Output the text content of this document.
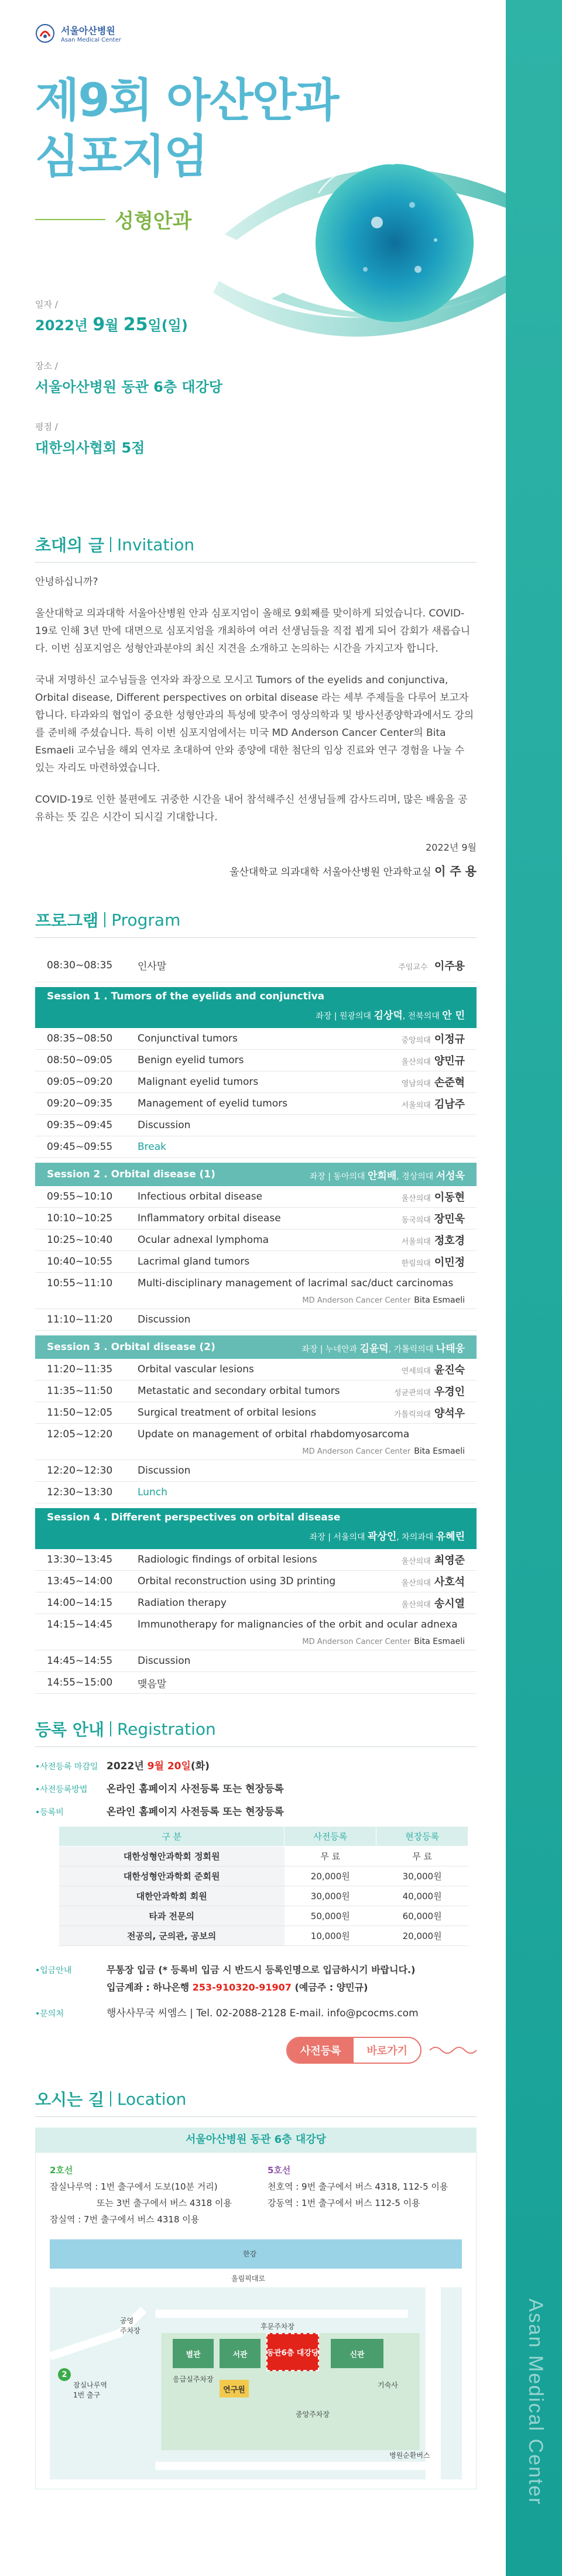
Asan Medical Center
서울아산병원
Asan Medical Center
제9회 아산안과
심포지엄
성형안과
일자 /
2022년 9월 25일(일)
장소 /
서울아산병원 동관 6층 대강당
평점 /
대한의사협회 5점
초대의 글 Invitation

안녕하십니까?

울산대학교 의과대학 서울아산병원 안과 심포지엄이 올해로 9회째를 맞이하게 되었습니다. COVID-19로 인해 3년 만에 대면으로 심포지엄을 개최하여 여러 선생님들을 직접 뵙게 되어 감회가 새롭습니다. 이번 심포지엄은 성형안과분야의 최신 지견을 소개하고 논의하는 시간을 가지고자 합니다.

국내 저명하신 교수님들을 연자와 좌장으로 모시고 Tumors of the eyelids and conjunctiva, Orbital disease, Different perspectives on orbital disease 라는 세부 주제들을 다루어 보고자 합니다. 타과와의 협업이 중요한 성형안과의 특성에 맞추어 영상의학과 및 방사선종양학과에서도 강의를 준비해 주셨습니다. 특히 이번 심포지엄에서는 미국 MD Anderson Cancer Center의 Bita Esmaeli 교수님을 해외 연자로 초대하여 안와 종양에 대한 첨단의 임상 진료와 연구 경험을 나눌 수 있는 자리도 마련하였습니다.

COVID-19로 인한 불편에도 귀중한 시간을 내어 참석해주신 선생님들께 감사드리며, 많은 배움을 공유하는 뜻 깊은 시간이 되시길 기대합니다.

2022년 9월
울산대학교 의과대학 서울아산병원 안과학교실 이 주 용
프로그램 Program
08:30~08:35	인사말	주임교수 이주용
Session 1 . Tumors of the eyelids and conjunctiva
좌장 | 원광의대 김상덕, 전북의대 안 민
08:35~08:50	Conjunctival tumors	중앙의대 이정규
08:50~09:05	Benign eyelid tumors	울산의대 양민규
09:05~09:20	Malignant eyelid tumors	영남의대 손준혁
09:20~09:35	Management of eyelid tumors	서울의대 김남주
09:35~09:45	Discussion
09:45~09:55	Break
Session 2 . Orbital disease (1)	좌장 | 동아의대 안희배, 경상의대 서성욱
09:55~10:10	Infectious orbital disease	울산의대 이동현
10:10~10:25	Inflammatory orbital disease	동국의대 장민욱
10:25~10:40	Ocular adnexal lymphoma	서울의대 정호경
10:40~10:55	Lacrimal gland tumors	한림의대 이민정
10:55~11:10	Multi-disciplinary management of lacrimal sac/duct carcinomas
MD Anderson Cancer Center Bita Esmaeli
11:10~11:20	Discussion
Session 3 . Orbital disease (2)	좌장 | 누네안과 김윤덕, 가톨릭의대 나태웅
11:20~11:35	Orbital vascular lesions	연세의대 윤진숙
11:35~11:50	Metastatic and secondary orbital tumors	성균관의대 우경인
11:50~12:05	Surgical treatment of orbital lesions	가톨릭의대 양석우
12:05~12:20	Update on management of orbital rhabdomyosarcoma
MD Anderson Cancer Center Bita Esmaeli
12:20~12:30	Discussion
12:30~13:30	Lunch
Session 4 . Different perspectives on orbital disease
좌장 | 서울의대 곽상인, 차의과대 유혜린
13:30~13:45	Radiologic findings of orbital lesions	울산의대 최영준
13:45~14:00	Orbital reconstruction using 3D printing	울산의대 사호석
14:00~14:15	Radiation therapy	울산의대 송시열
14:15~14:45	Immunotherapy for malignancies of the orbit and ocular adnexa
MD Anderson Cancer Center Bita Esmaeli
14:45~14:55	Discussion
14:55~15:00	맺음말
등록 안내 Registration
• 사전등록 마감일 2022년 9월 20일(화)
• 사전등록방법	온라인 홈페이지 사전등록 또는 현장등록
• 등록비	온라인 홈페이지 사전등록 또는 현장등록
구 분	사전등록	현장등록
대한성형안과학회 정회원	무 료	무 료
대한성형안과학회 준회원	20,000원	30,000원
대한안과학회 회원	30,000원	40,000원
타과 전문의	50,000원	60,000원
전공의, 군의관, 공보의	10,000원	20,000원
• 입금안내	무통장 입금 (* 등록비 입금 시 반드시 등록인명으로 입금하시기 바랍니다.)
입금계좌 : 하나은행 253-910320-91907 (예금주 : 양민규)
• 문의처	행사사무국 씨엠스 | Tel. 02-2088-2128 E-mail. info@pcocms.com
사전등록	바로가기
오시는 길 Location
서울아산병원 동관 6층 대강당
2호선
잠실나루역 : 1번 출구에서 도보(10분 거리)
또는 3번 출구에서 버스 4318 이용
잠실역 : 7번 출구에서 버스 4318 이용
5호선
천호역 : 9번 출구에서 버스 4318, 112-5 이용
강동역 : 1번 출구에서 버스 112-5 이용
한강
올림픽대로
별관	서관	동관 6층 대강당	신관
연구원
중앙주차장
후문주차장
응급실주차장
공영
주차장
기숙사
잠실나루역
1번 출구
2
병원순환버스
